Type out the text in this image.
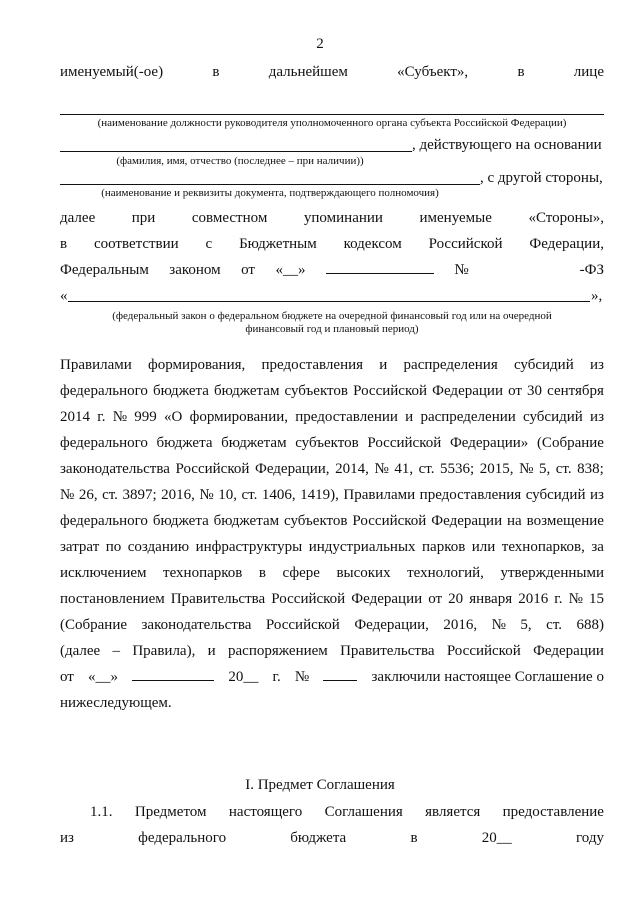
2
именуемый(-ое)	в	дальнейшем	«Субъект»,	в	лице
(наименование должности руководителя уполномоченного органа субъекта Российской Федерации)
, действующего на основании
(фамилия, имя, отчество (последнее – при наличии))
, с другой стороны,
(наименование и реквизиты документа, подтверждающего полномочия)
далее при совместном упоминании именуемые «Стороны»,
в соответствии с Бюджетным кодексом Российской Федерации,
Федеральным законом от «__»	№	-ФЗ
«	»,
(федеральный закон о федеральном бюджете на очередной финансовый год или на очередной
финансовый год и плановый период)
Правилами формирования, предоставления и распределения субсидий из
федерального бюджета бюджетам субъектов Российской Федерации от 30 сентября
2014 г. № 999 «О формировании, предоставлении и распределении субсидий из
федерального бюджета бюджетам субъектов Российской Федерации» (Собрание
законодательства Российской Федерации, 2014, № 41, ст. 5536; 2015, № 5, ст. 838;
№ 26, ст. 3897; 2016, № 10, ст. 1406, 1419), Правилами предоставления субсидий из
федерального бюджета бюджетам субъектов Российской Федерации на возмещение
затрат по созданию инфраструктуры индустриальных парков или технопарков, за
исключением технопарков в сфере высоких технологий, утвержденными
постановлением Правительства Российской Федерации от 20 января 2016 г. № 15
(Собрание законодательства Российской Федерации, 2016, № 5, ст. 688)
(далее – Правила), и распоряжением Правительства Российской Федерации
от «__»	20__ г. №	заключили настоящее Соглашение о
нижеследующем.
I. Предмет Соглашения
1.1. Предметом настоящего Соглашения является предоставление
из	федерального	бюджета	в	20__	году
